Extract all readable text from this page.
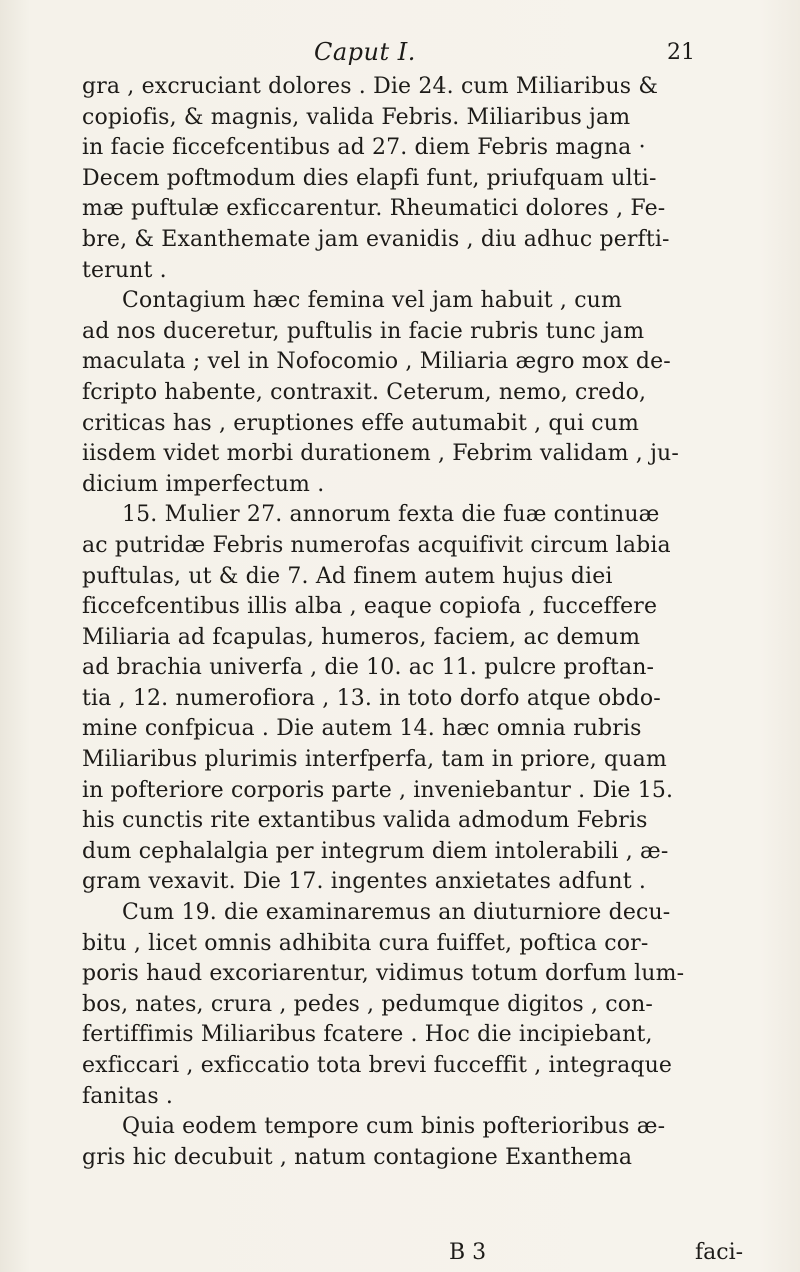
Caput I.	21
gra , excruciant dolores . Die 24. cum Miliaribus &
copiofis, & magnis, valida Febris. Miliaribus jam
in facie ficcefcentibus ad 27. diem Febris magna ·
Decem poftmodum dies elapfi funt, priufquam ulti-
mæ puftulæ exficcarentur. Rheumatici dolores , Fe-
bre, & Exanthemate jam evanidis , diu adhuc perfti-
terunt .
Contagium hæc femina vel jam habuit , cum
ad nos duceretur, puftulis in facie rubris tunc jam
maculata ; vel in Nofocomio , Miliaria ægro mox de-
fcripto habente, contraxit. Ceterum, nemo, credo,
criticas has , eruptiones effe autumabit , qui cum
iisdem videt morbi durationem , Febrim validam , ju-
dicium imperfectum .
15. Mulier 27. annorum fexta die fuæ continuæ
ac putridæ Febris numerofas acquifivit circum labia
puftulas, ut & die 7. Ad finem autem hujus diei
ficcefcentibus illis alba , eaque copiofa , fucceffere
Miliaria ad fcapulas, humeros, faciem, ac demum
ad brachia univerfa , die 10. ac 11. pulcre proftan-
tia , 12. numerofiora , 13. in toto dorfo atque obdo-
mine confpicua . Die autem 14. hæc omnia rubris
Miliaribus plurimis interfperfa, tam in priore, quam
in pofteriore corporis parte , inveniebantur . Die 15.
his cunctis rite extantibus valida admodum Febris
dum cephalalgia per integrum diem intolerabili , æ-
gram vexavit. Die 17. ingentes anxietates adfunt .
Cum 19. die examinaremus an diuturniore decu-
bitu , licet omnis adhibita cura fuiffet, poftica cor-
poris haud excoriarentur, vidimus totum dorfum lum-
bos, nates, crura , pedes , pedumque digitos , con-
fertiffimis Miliaribus fcatere . Hoc die incipiebant,
exficcari , exficcatio tota brevi fucceffit , integraque
fanitas .
Quia eodem tempore cum binis pofterioribus æ-
gris hic decubuit , natum contagione Exanthema
B 3	faci-
